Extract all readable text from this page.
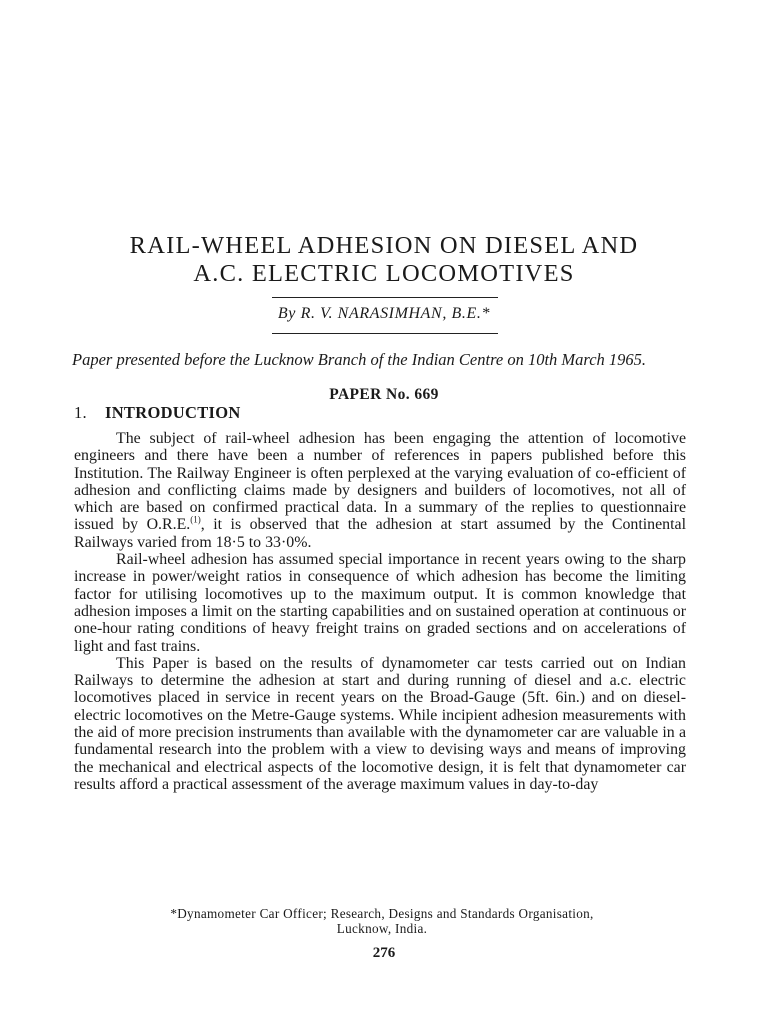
RAIL-WHEEL ADHESION ON DIESEL AND
A.C. ELECTRIC LOCOMOTIVES
By R. V. NARASIMHAN, B.E.*

Paper presented before the Lucknow Branch of the Indian Centre on 10th March 1965.

PAPER No. 669
1. INTRODUCTION

The subject of rail-wheel adhesion has been engaging the attention of locomotive engineers and there have been a number of references in papers published before this Institution. The Railway Engineer is often perplexed at the varying evaluation of co-efficient of adhesion and conflicting claims made by designers and builders of locomotives, not all of which are based on confirmed practical data. In a summary of the replies to questionnaire issued by O.R.E.$^{(1)}$, it is observed that the adhesion at start assumed by the Continental Railways varied from 18·5 to 33·0%.

Rail-wheel adhesion has assumed special importance in recent years owing to the sharp increase in power/weight ratios in consequence of which adhesion has become the limiting factor for utilising locomotives up to the maximum output. It is common knowledge that adhesion imposes a limit on the starting capabilities and on sustained operation at continuous or one-hour rating conditions of heavy freight trains on graded sections and on accelerations of light and fast trains.

This Paper is based on the results of dynamometer car tests carried out on Indian Railways to determine the adhesion at start and during running of diesel and a.c. electric locomotives placed in service in recent years on the Broad-Gauge (5ft. 6in.) and on diesel-electric locomotives on the Metre-Gauge systems. While incipient adhesion measurements with the aid of more precision instruments than available with the dynamometer car are valuable in a fundamental research into the problem with a view to devising ways and means of improving the mechanical and electrical aspects of the locomotive design, it is felt that dynamometer car results afford a practical assessment of the average maximum values in day-to-day

*Dynamometer Car Officer; Research, Designs and Standards Organisation,
Lucknow, India.
276
